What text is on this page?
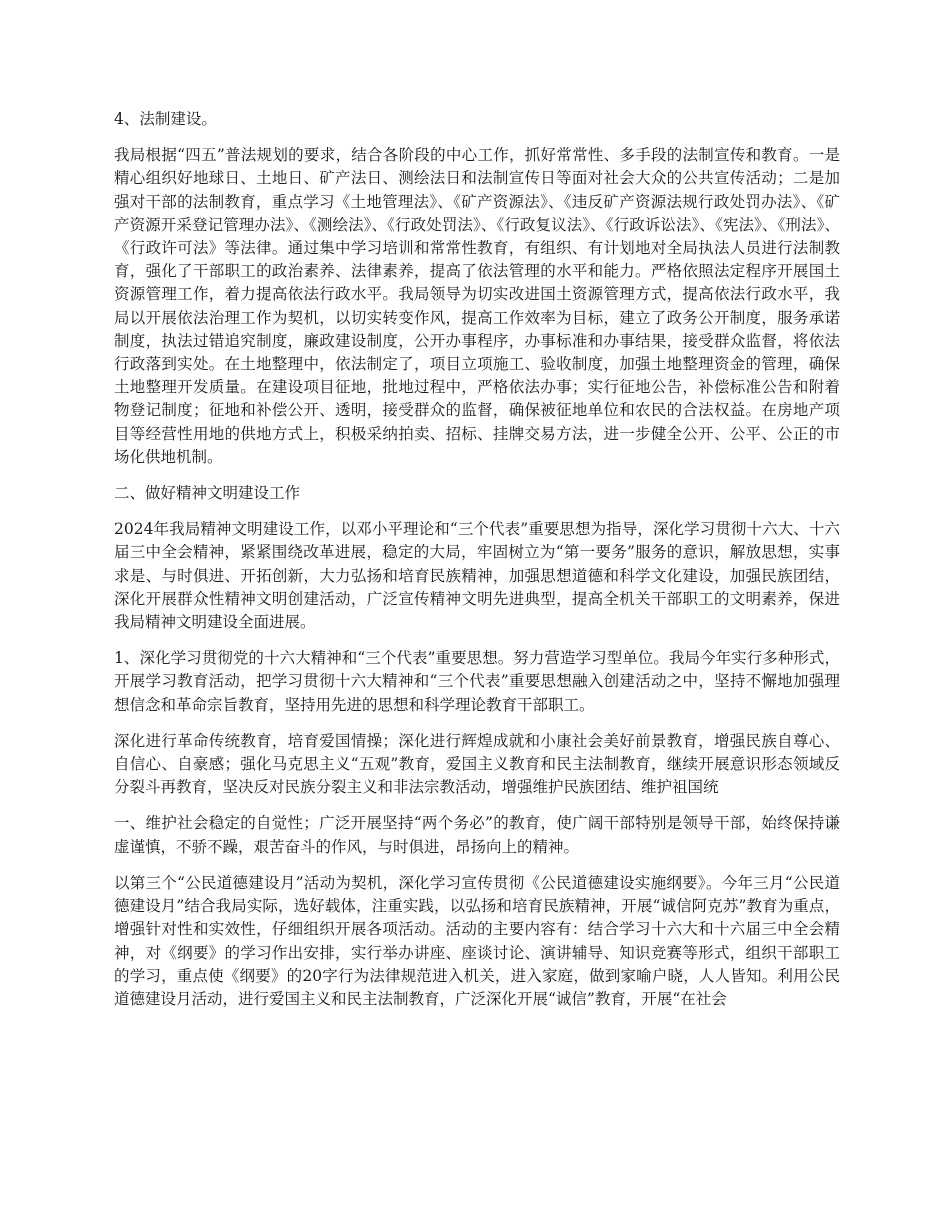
4、法制建设。

我局根据“四五”普法规划的要求，结合各阶段的中心工作，抓好常常性、多手段的法制宣传和教育。一是精心组织好地球日、土地日、矿产法日、测绘法日和法制宣传日等面对社会大众的公共宣传活动；二是加强对干部的法制教育，重点学习《土地管理法》、《矿产资源法》、《违反矿产资源法规行政处罚办法》、《矿产资源开采登记管理办法》、《测绘法》、《行政处罚法》、《行政复议法》、《行政诉讼法》、《宪法》、《刑法》、《行政许可法》等法律。通过集中学习培训和常常性教育，有组织、有计划地对全局执法人员进行法制教育，强化了干部职工的政治素养、法律素养，提高了依法管理的水平和能力。严格依照法定程序开展国土资源管理工作，着力提高依法行政水平。我局领导为切实改进国土资源管理方式，提高依法行政水平，我局以开展依法治理工作为契机，以切实转变作风，提高工作效率为目标，建立了政务公开制度，服务承诺制度，执法过错追究制度，廉政建设制度，公开办事程序，办事标准和办事结果，接受群众监督，将依法行政落到实处。在土地整理中，依法制定了，项目立项施工、验收制度，加强土地整理资金的管理，确保土地整理开发质量。在建设项目征地，批地过程中，严格依法办事；实行征地公告，补偿标准公告和附着物登记制度；征地和补偿公开、透明，接受群众的监督，确保被征地单位和农民的合法权益。在房地产项目等经营性用地的供地方式上，积极采纳拍卖、招标、挂牌交易方法，进一步健全公开、公平、公正的市场化供地机制。

二、做好精神文明建设工作

2024年我局精神文明建设工作，以邓小平理论和“三个代表”重要思想为指导，深化学习贯彻十六大、十六届三中全会精神，紧紧围绕改革进展，稳定的大局，牢固树立为“第一要务”服务的意识，解放思想，实事求是、与时俱进、开拓创新，大力弘扬和培育民族精神，加强思想道德和科学文化建设，加强民族团结，深化开展群众性精神文明创建活动，广泛宣传精神文明先进典型，提高全机关干部职工的文明素养，保进我局精神文明建设全面进展。

1、深化学习贯彻党的十六大精神和“三个代表”重要思想。努力营造学习型单位。我局今年实行多种形式，开展学习教育活动，把学习贯彻十六大精神和“三个代表”重要思想融入创建活动之中，坚持不懈地加强理想信念和革命宗旨教育，坚持用先进的思想和科学理论教育干部职工。

深化进行革命传统教育，培育爱国情操；深化进行辉煌成就和小康社会美好前景教育，增强民族自尊心、自信心、自豪感；强化马克思主义“五观”教育，爱国主义教育和民主法制教育，继续开展意识形态领域反分裂斗再教育，坚决反对民族分裂主义和非法宗教活动，增强维护民族团结、维护祖国统

一、维护社会稳定的自觉性；广泛开展坚持“两个务必”的教育，使广阔干部特别是领导干部，始终保持谦虚谨慎，不骄不躁，艰苦奋斗的作风，与时俱进，昂扬向上的精神。

以第三个“公民道德建设月”活动为契机，深化学习宣传贯彻《公民道德建设实施纲要》。今年三月“公民道德建设月”结合我局实际，选好载体，注重实践，以弘扬和培育民族精神，开展“诚信阿克苏”教育为重点，增强针对性和实效性，仔细组织开展各项活动。活动的主要内容有：结合学习十六大和十六届三中全会精神，对《纲要》的学习作出安排，实行举办讲座、座谈讨论、演讲辅导、知识竞赛等形式，组织干部职工的学习，重点使《纲要》的20字行为法律规范进入机关，进入家庭，做到家喻户晓，人人皆知。利用公民道德建设月活动，进行爱国主义和民主法制教育，广泛深化开展“诚信”教育，开展“在社会
